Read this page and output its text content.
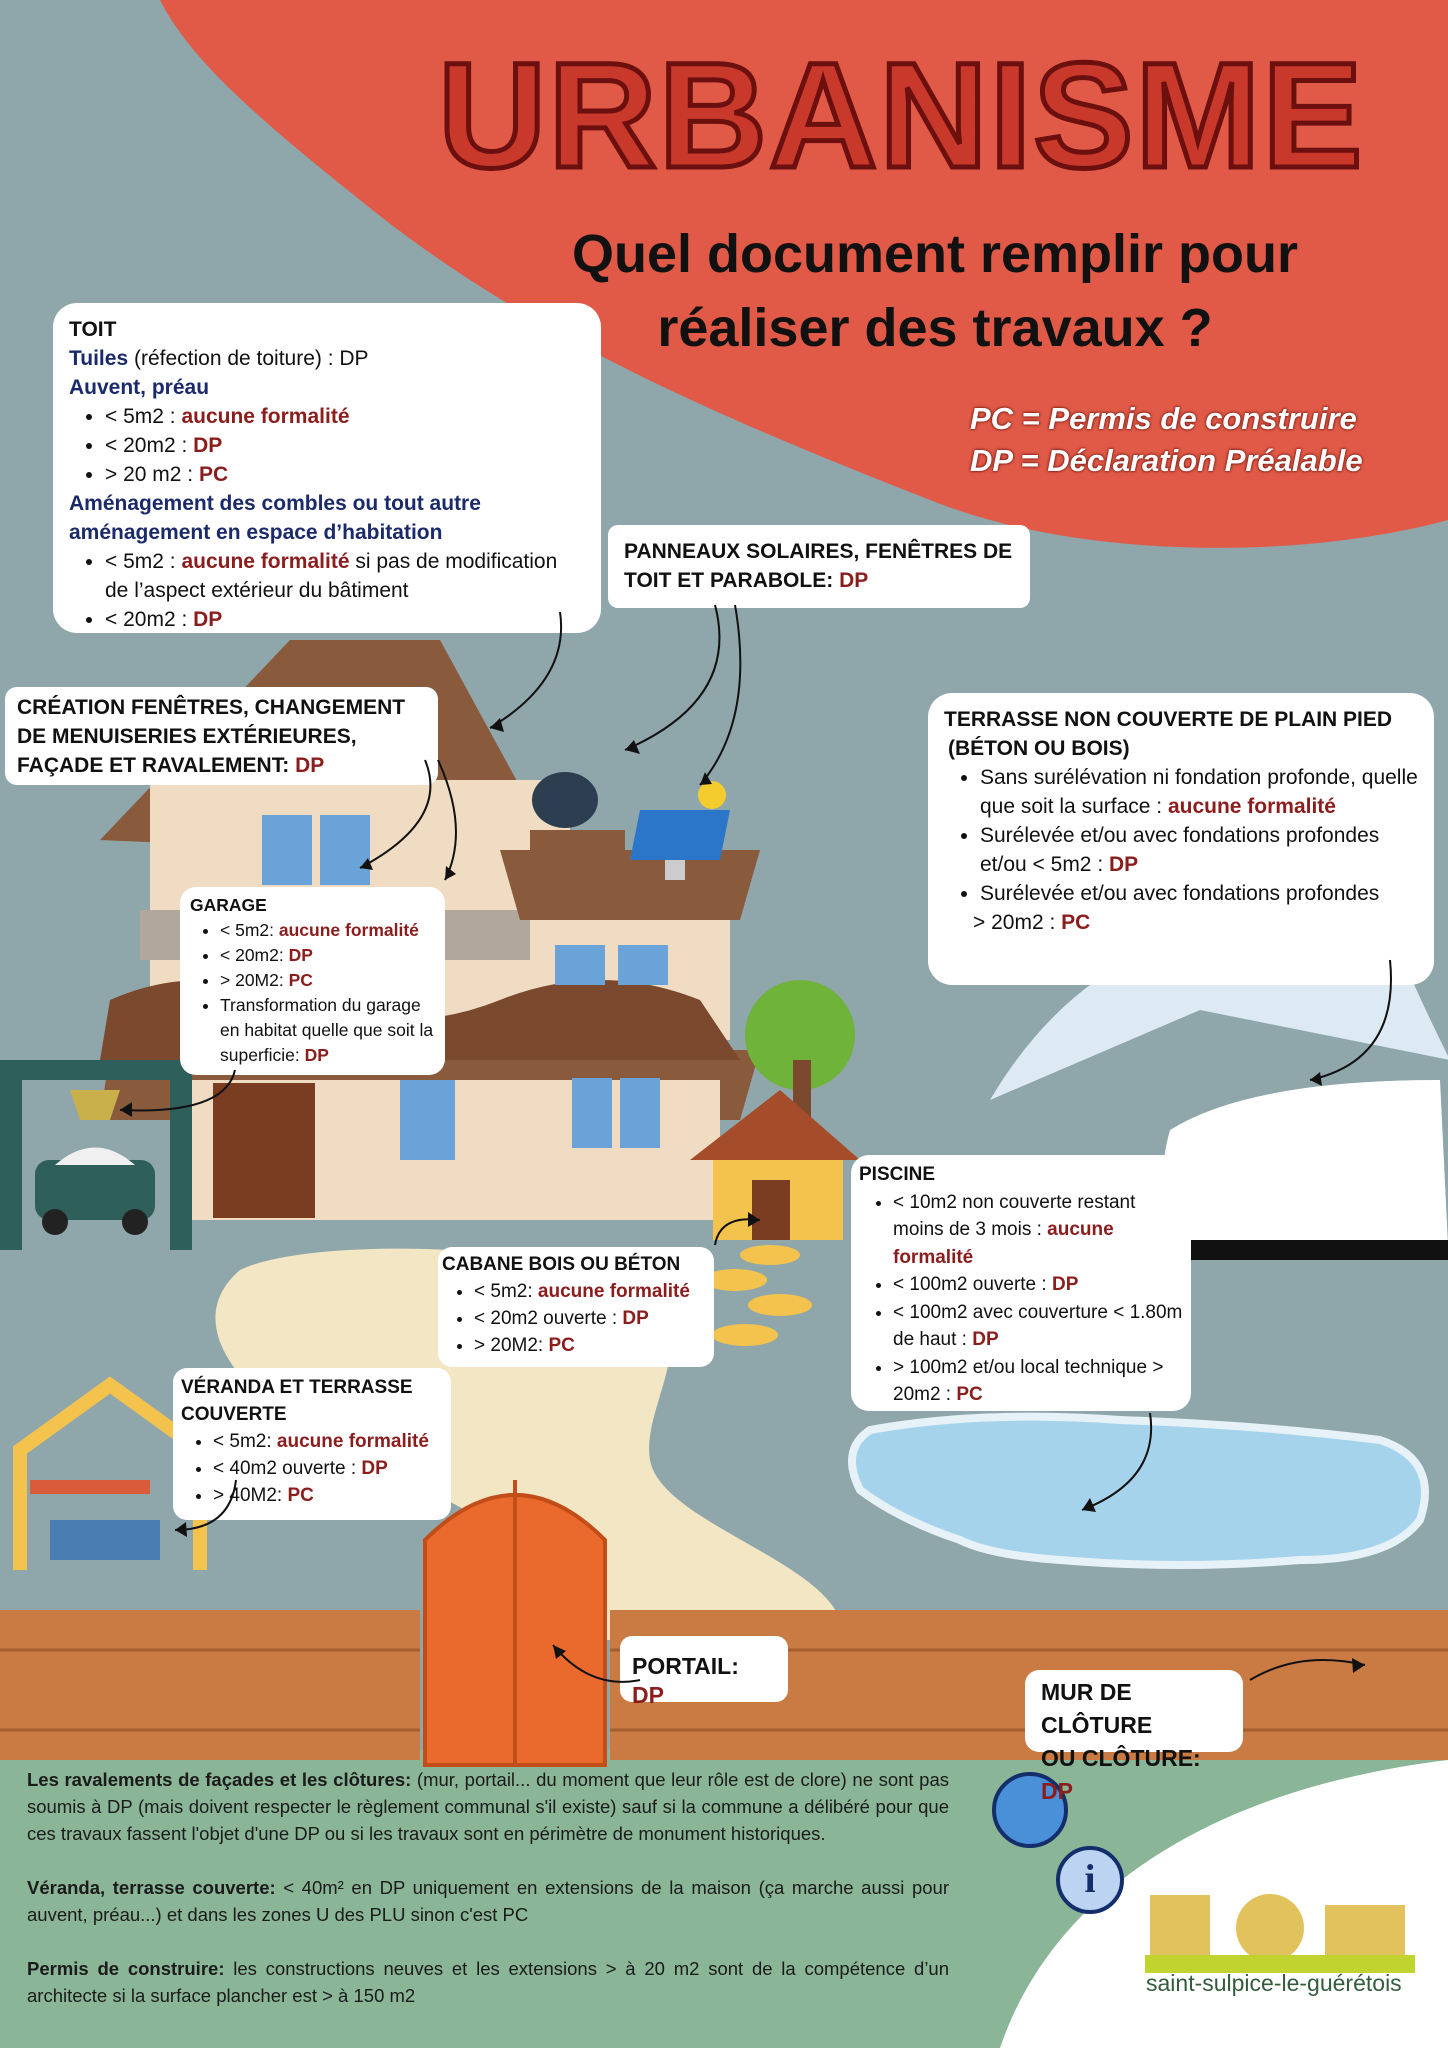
URBANISME
Quel document remplir pour
réaliser des travaux ?
PC = Permis de construire
DP = Déclaration Préalable
TOIT
Tuiles (réfection de toiture) : DP
Auvent, préau
• < 5m2 : aucune formalité
• < 20m2 : DP
• > 20 m2 : PC
Aménagement des combles ou tout autre aménagement en espace d’habitation
• < 5m2 : aucune formalité si pas de modification de l’aspect extérieur du bâtiment
• < 20m2 : DP
PANNEAUX SOLAIRES, FENÊTRES DE TOIT ET PARABOLE: DP
CRÉATION FENÊTRES, CHANGEMENT DE MENUISERIES EXTÉRIEURES, FAÇADE ET RAVALEMENT: DP
TERRASSE NON COUVERTE DE PLAIN PIED
(BÉTON OU BOIS)
• Sans surélévation ni fondation profonde, quelle que soit la surface : aucune formalité
• Surélevée et/ou avec fondations profondes et/ou < 5m2 : DP
• Surélevée et/ou avec fondations profondes
> 20m2 : PC
GARAGE
• < 5m2: aucune formalité
• < 20m2: DP
• > 20M2: PC
• Transformation du garage en habitat quelle que soit la superficie: DP
CABANE BOIS OU BÉTON
• < 5m2: aucune formalité
• < 20m2 ouverte : DP
• > 20M2: PC
PISCINE
• < 10m2 non couverte restant moins de 3 mois : aucune formalité
• < 100m2 ouverte : DP
• < 100m2 avec couverture < 1.80m de haut : DP
• > 100m2 et/ou local technique > 20m2 : PC
VÉRANDA ET TERRASSE COUVERTE
• < 5m2: aucune formalité
• < 40m2 ouverte : DP
• > 40M2: PC
PORTAIL: DP	MUR DE CLÔTURE
OU CLÔTURE: DP

Les ravalements de façades et les clôtures: (mur, portail... du moment que leur rôle est de clore) ne sont pas soumis à DP (mais doivent respecter le règlement communal s'il existe) sauf si la commune a délibéré pour que ces travaux fassent l'objet d'une DP ou si les travaux sont en périmètre de monument historiques.

Véranda, terrasse couverte: < 40m² en DP uniquement en extensions de la maison (ça marche aussi pour auvent, préau...) et dans les zones U des PLU sinon c'est PC

Permis de construire: les constructions neuves et les extensions > à 20 m2 sont de la compétence d’un architecte si la surface plancher est > à 150 m2

i
saint-sulpice-le-guérétois
